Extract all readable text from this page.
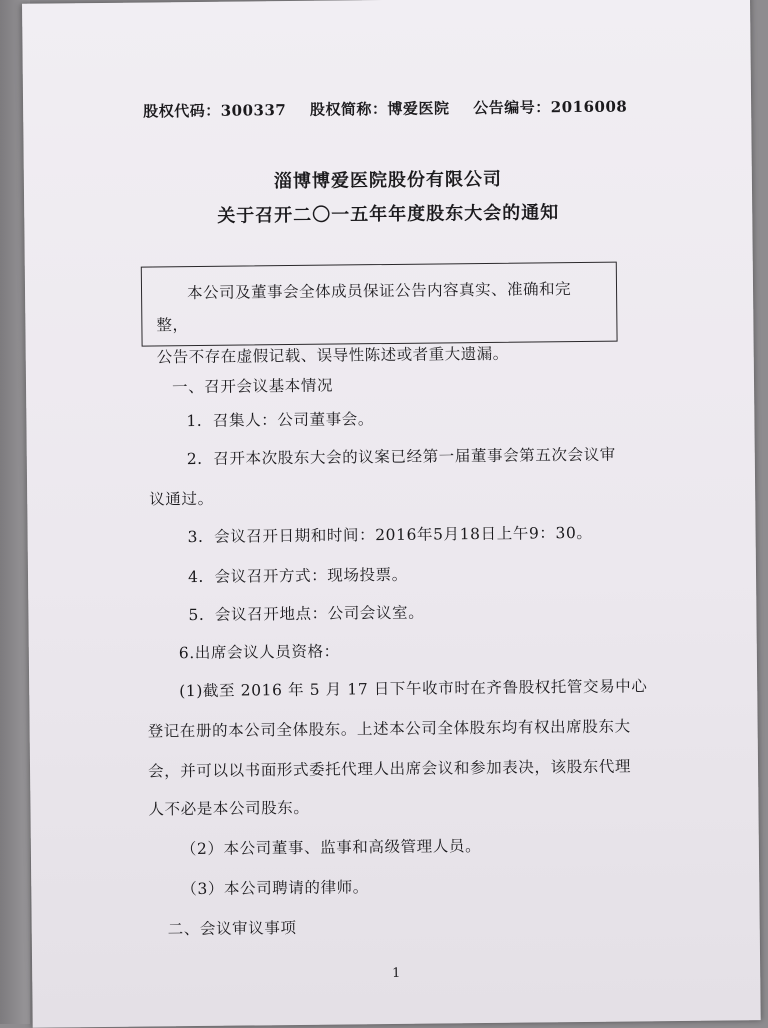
股权代码：300337 股权简称：博爱医院 公告编号：2016008
淄博博爱医院股份有限公司
关于召开二〇一五年年度股东大会的通知

本公司及董事会全体成员保证公告内容真实、准确和完整，

公告不存在虚假记载、误导性陈述或者重大遗漏。

一、召开会议基本情况
1．召集人：公司董事会。

2．召开本次股东大会的议案已经第一届董事会第五次会议审

议通过。
3．会议召开日期和时间：2016年5月18日上午9：30。
4．会议召开方式：现场投票。
5．会议召开地点：公司会议室。
6.出席会议人员资格：
(1)截至 2016 年 5 月 17 日下午收市时在齐鲁股权托管交易中心
登记在册的本公司全体股东。上述本公司全体股东均有权出席股东大
会，并可以以书面形式委托代理人出席会议和参加表决，该股东代理
人不必是本公司股东。
（2）本公司董事、监事和高级管理人员。
（3）本公司聘请的律师。
二、会议审议事项
1
